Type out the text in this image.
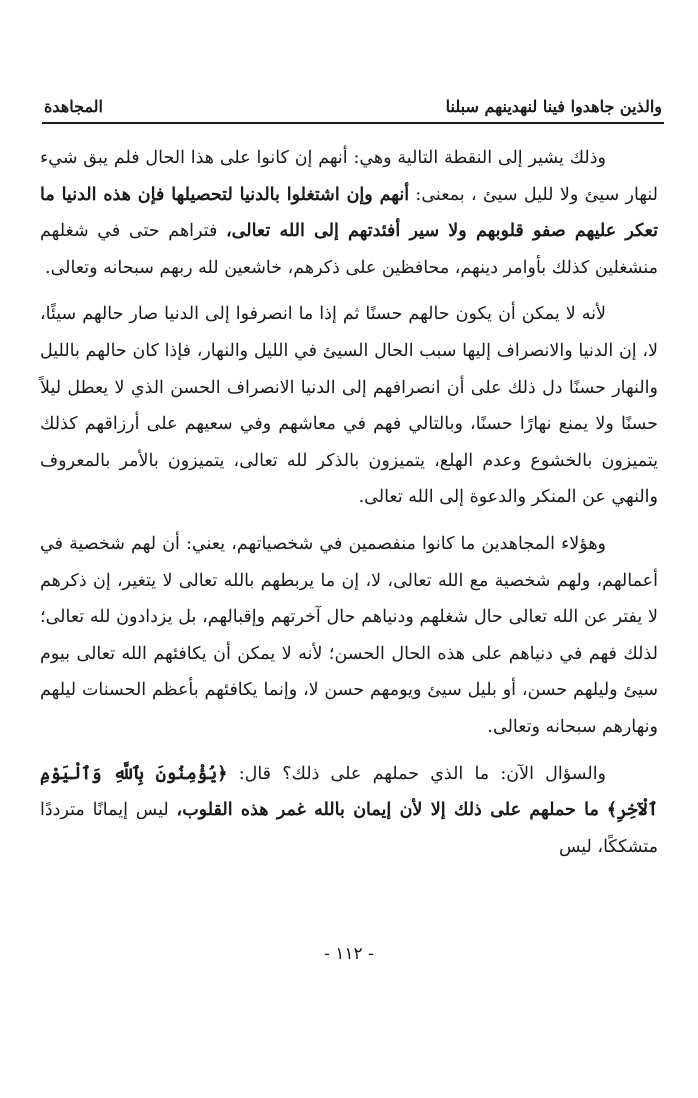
والذين جاهدوا فينا لنهدينهم سبلنا
المجاهدة

وذلك يشير إلى النقطة التالية وهي: أنهم إن كانوا على هذا الحال فلم يبق شيء لنهار سيئ ولا لليل سيئ ، بمعنى: أنهم وإن اشتغلوا بالدنيا لتحصيلها فإن هذه الدنيا ما تعكر عليهم صفو قلوبهم ولا سير أفئدتهم إلى الله تعالى، فتراهم حتى في شغلهم منشغلين كذلك بأوامر دينهم، محافظين على ذكرهم، خاشعين لله ربهم سبحانه وتعالى.

لأنه لا يمكن أن يكون حالهم حسنًا ثم إذا ما انصرفوا إلى الدنيا صار حالهم سيئًا، لا، إن الدنيا والانصراف إليها سبب الحال السيئ في الليل والنهار، فإذا كان حالهم بالليل والنهار حسنًا دل ذلك على أن انصرافهم إلى الدنيا الانصراف الحسن الذي لا يعطل ليلاً حسنًا ولا يمنع نهارًا حسنًا، وبالتالي فهم في معاشهم وفي سعيهم على أرزاقهم كذلك يتميزون بالخشوع وعدم الهلع، يتميزون بالذكر لله تعالى، يتميزون بالأمر بالمعروف والنهي عن المنكر والدعوة إلى الله تعالى.

وهؤلاء المجاهدين ما كانوا منفصمين في شخصياتهم، يعني: أن لهم شخصية في أعمالهم، ولهم شخصية مع الله تعالى، لا، إن ما يربطهم بالله تعالى لا يتغير، إن ذكرهم لا يفتر عن الله تعالى حال شغلهم ودنياهم حال آخرتهم وإقبالهم، بل يزدادون لله تعالى؛ لذلك فهم في دنياهم على هذه الحال الحسن؛ لأنه لا يمكن أن يكافئهم الله تعالى بيوم سيئ وليلهم حسن، أو بليل سيئ ويومهم حسن لا، وإنما يكافئهم بأعظم الحسنات ليلهم ونهارهم سبحانه وتعالى.

والسؤال الآن: ما الذي حملهم على ذلك؟ قال: ﴿يُؤْمِنُونَ بِٱللَّهِ وَٱلْيَوْمِ ٱلْآخِرِ﴾ ما حملهم على ذلك إلا لأن إيمان بالله غمر هذه القلوب، ليس إيمانًا مترددًا متشككًا، ليس

- ١١٢ -
